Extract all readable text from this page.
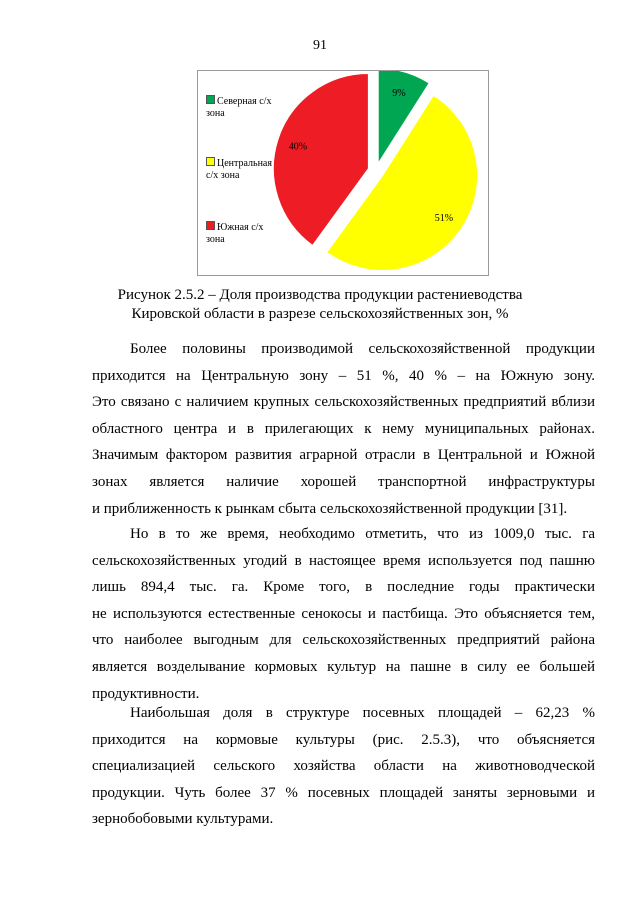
91
Северная с/х
зона
Центральная
с/х зона
Южная с/х
зона
9%
51%
40%
Рисунок 2.5.2 – Доля производства продукции растениеводства
Кировской области в разрезе сельскохозяйственных зон, %
Более половины производимой сельскохозяйственной продукции
приходится на Центральную зону – 51 %, 40 % – на Южную зону.
Это связано с наличием крупных сельскохозяйственных предприятий вблизи
областного центра и в прилегающих к нему муниципальных районах.
Значимым фактором развития аграрной отрасли в Центральной и Южной
зонах является наличие хорошей транспортной инфраструктуры
и приближенность к рынкам сбыта сельскохозяйственной продукции [31].
Но в то же время, необходимо отметить, что из 1009,0 тыс. га
сельскохозяйственных угодий в настоящее время используется под пашню
лишь 894,4 тыс. га. Кроме того, в последние годы практически
не используются естественные сенокосы и пастбища. Это объясняется тем,
что наиболее выгодным для сельскохозяйственных предприятий района
является возделывание кормовых культур на пашне в силу ее большей
продуктивности.
Наибольшая доля в структуре посевных площадей – 62,23 %
приходится на кормовые культуры (рис. 2.5.3), что объясняется
специализацией сельского хозяйства области на животноводческой
продукции. Чуть более 37 % посевных площадей заняты зерновыми и
зернобобовыми культурами.
